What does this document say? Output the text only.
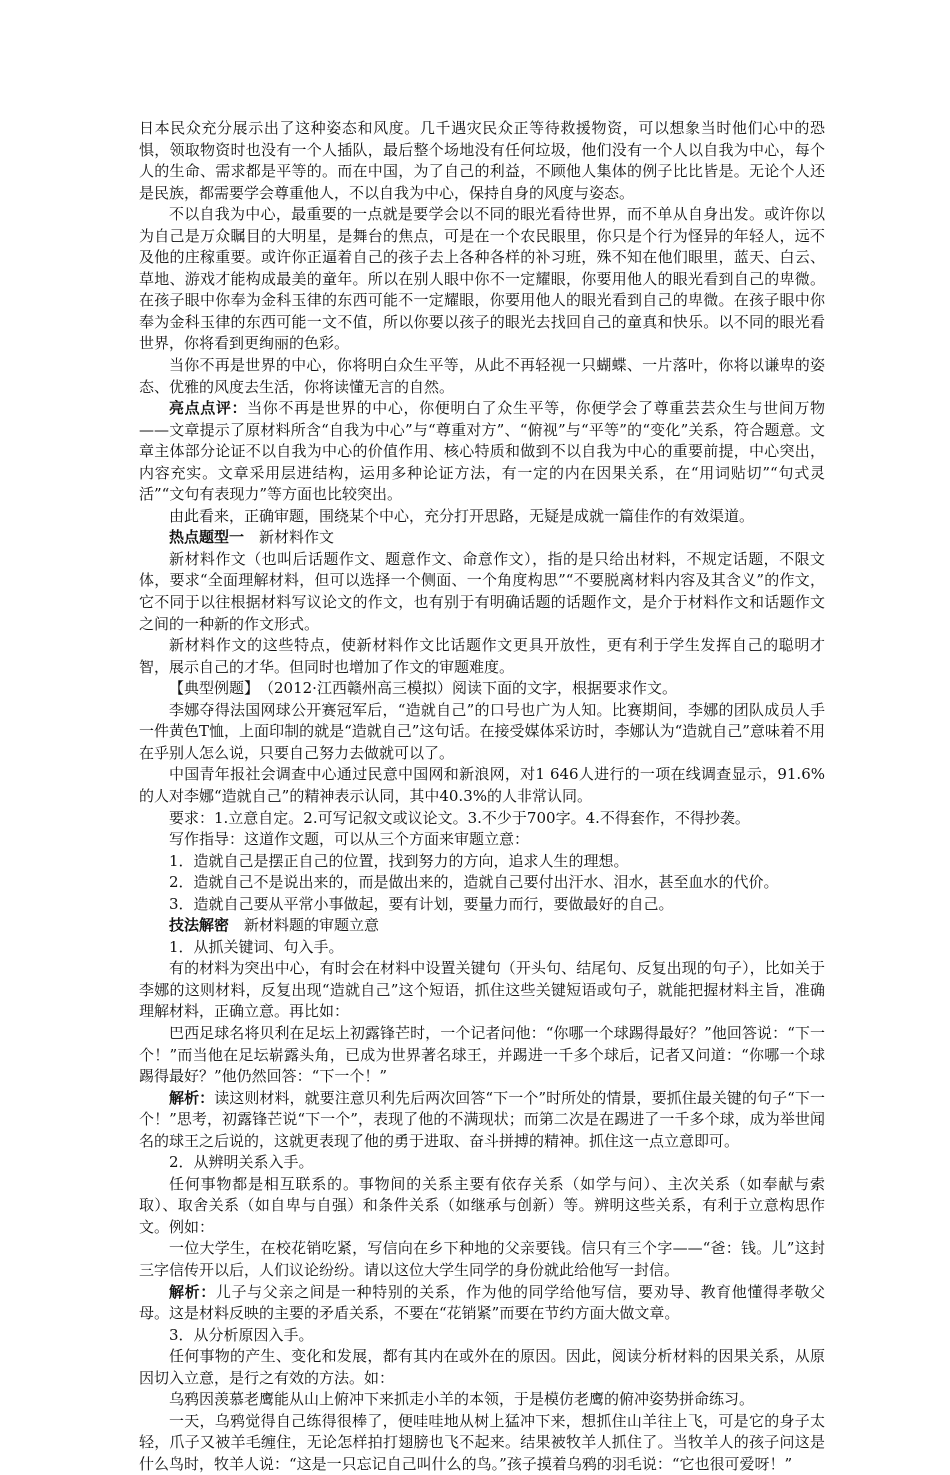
日本民众充分展示出了这种姿态和风度。几千遇灾民众正等待救援物资，可以想象当时他们心中的恐惧，领取物资时也没有一个人插队，最后整个场地没有任何垃圾，他们没有一个人以自我为中心，每个人的生命、需求都是平等的。而在中国，为了自己的利益，不顾他人集体的例子比比皆是。无论个人还是民族，都需要学会尊重他人，不以自我为中心，保持自身的风度与姿态。

不以自我为中心，最重要的一点就是要学会以不同的眼光看待世界，而不单从自身出发。或许你以为自己是万众瞩目的大明星，是舞台的焦点，可是在一个农民眼里，你只是个行为怪异的年轻人，远不及他的庄稼重要。或许你正逼着自己的孩子去上各种各样的补习班，殊不知在他们眼里，蓝天、白云、草地、游戏才能构成最美的童年。所以在别人眼中你不一定耀眼，你要用他人的眼光看到自己的卑微。在孩子眼中你奉为金科玉律的东西可能不一定耀眼，你要用他人的眼光看到自己的卑微。在孩子眼中你奉为金科玉律的东西可能一文不值，所以你要以孩子的眼光去找回自己的童真和快乐。以不同的眼光看世界，你将看到更绚丽的色彩。

当你不再是世界的中心，你将明白众生平等，从此不再轻视一只蝴蝶、一片落叶，你将以谦卑的姿态、优雅的风度去生活，你将读懂无言的自然。

亮点点评：当你不再是世界的中心，你便明白了众生平等，你便学会了尊重芸芸众生与世间万物——文章提示了原材料所含“自我为中心”与“尊重对方”、“俯视”与“平等”的“变化”关系，符合题意。文章主体部分论证不以自我为中心的价值作用、核心特质和做到不以自我为中心的重要前提，中心突出，内容充实。文章采用层进结构，运用多种论证方法，有一定的内在因果关系，在“用词贴切”“句式灵活”“文句有表现力”等方面也比较突出。

由此看来，正确审题，围绕某个中心，充分打开思路，无疑是成就一篇佳作的有效渠道。

热点题型一　新材料作文

新材料作文（也叫后话题作文、题意作文、命意作文），指的是只给出材料，不规定话题，不限文体，要求“全面理解材料，但可以选择一个侧面、一个角度构思”“不要脱离材料内容及其含义”的作文，它不同于以往根据材料写议论文的作文，也有别于有明确话题的话题作文，是介于材料作文和话题作文之间的一种新的作文形式。

新材料作文的这些特点，使新材料作文比话题作文更具开放性，更有利于学生发挥自己的聪明才智，展示自己的才华。但同时也增加了作文的审题难度。

【典型例题】　（2012·江西赣州高三模拟）阅读下面的文字，根据要求作文。

李娜夺得法国网球公开赛冠军后，“造就自己”的口号也广为人知。比赛期间，李娜的团队成员人手一件黄色T恤，上面印制的就是“造就自己”这句话。在接受媒体采访时，李娜认为“造就自己”意味着不用在乎别人怎么说，只要自己努力去做就可以了。

中国青年报社会调查中心通过民意中国网和新浪网，对1 646人进行的一项在线调查显示，91.6%的人对李娜“造就自己”的精神表示认同，其中40.3%的人非常认同。

要求：1.立意自定。2.可写记叙文或议论文。3.不少于700字。4.不得套作，不得抄袭。

写作指导：这道作文题，可以从三个方面来审题立意：

1．造就自己是摆正自己的位置，找到努力的方向，追求人生的理想。

2．造就自己不是说出来的，而是做出来的，造就自己要付出汗水、泪水，甚至血水的代价。

3．造就自己要从平常小事做起，要有计划，要量力而行，要做最好的自己。

技法解密　新材料题的审题立意

1．从抓关键词、句入手。

有的材料为突出中心，有时会在材料中设置关键句（开头句、结尾句、反复出现的句子），比如关于李娜的这则材料，反复出现“造就自己”这个短语，抓住这些关键短语或句子，就能把握材料主旨，准确理解材料，正确立意。再比如：

巴西足球名将贝利在足坛上初露锋芒时，一个记者问他：“你哪一个球踢得最好？”他回答说：“下一个！”而当他在足坛崭露头角，已成为世界著名球王，并踢进一千多个球后，记者又问道：“你哪一个球踢得最好？”他仍然回答：“下一个！”

解析：读这则材料，就要注意贝利先后两次回答“下一个”时所处的情景，要抓住最关键的句子“下一个！”思考，初露锋芒说“下一个”，表现了他的不满现状；而第二次是在踢进了一千多个球，成为举世闻名的球王之后说的，这就更表现了他的勇于进取、奋斗拼搏的精神。抓住这一点立意即可。

2．从辨明关系入手。

任何事物都是相互联系的。事物间的关系主要有依存关系（如学与问）、主次关系（如奉献与索取）、取舍关系（如自卑与自强）和条件关系（如继承与创新）等。辨明这些关系，有利于立意构思作文。例如：

一位大学生，在校花销吃紧，写信向在乡下种地的父亲要钱。信只有三个字——“爸：钱。儿”这封三字信传开以后，人们议论纷纷。请以这位大学生同学的身份就此给他写一封信。

解析：儿子与父亲之间是一种特别的关系，作为他的同学给他写信，要劝导、教育他懂得孝敬父母。这是材料反映的主要的矛盾关系，不要在“花销紧”而要在节约方面大做文章。

3．从分析原因入手。

任何事物的产生、变化和发展，都有其内在或外在的原因。因此，阅读分析材料的因果关系，从原因切入立意，是行之有效的方法。如：

乌鸦因羡慕老鹰能从山上俯冲下来抓走小羊的本领，于是模仿老鹰的俯冲姿势拼命练习。

一天，乌鸦觉得自己练得很棒了，便哇哇地从树上猛冲下来，想抓住山羊往上飞，可是它的身子太轻，爪子又被羊毛缠住，无论怎样拍打翅膀也飞不起来。结果被牧羊人抓住了。当牧羊人的孩子问这是什么鸟时，牧羊人说：“这是一只忘记自己叫什么的鸟。”孩子摸着乌鸦的羽毛说：“它也很可爱呀！”
